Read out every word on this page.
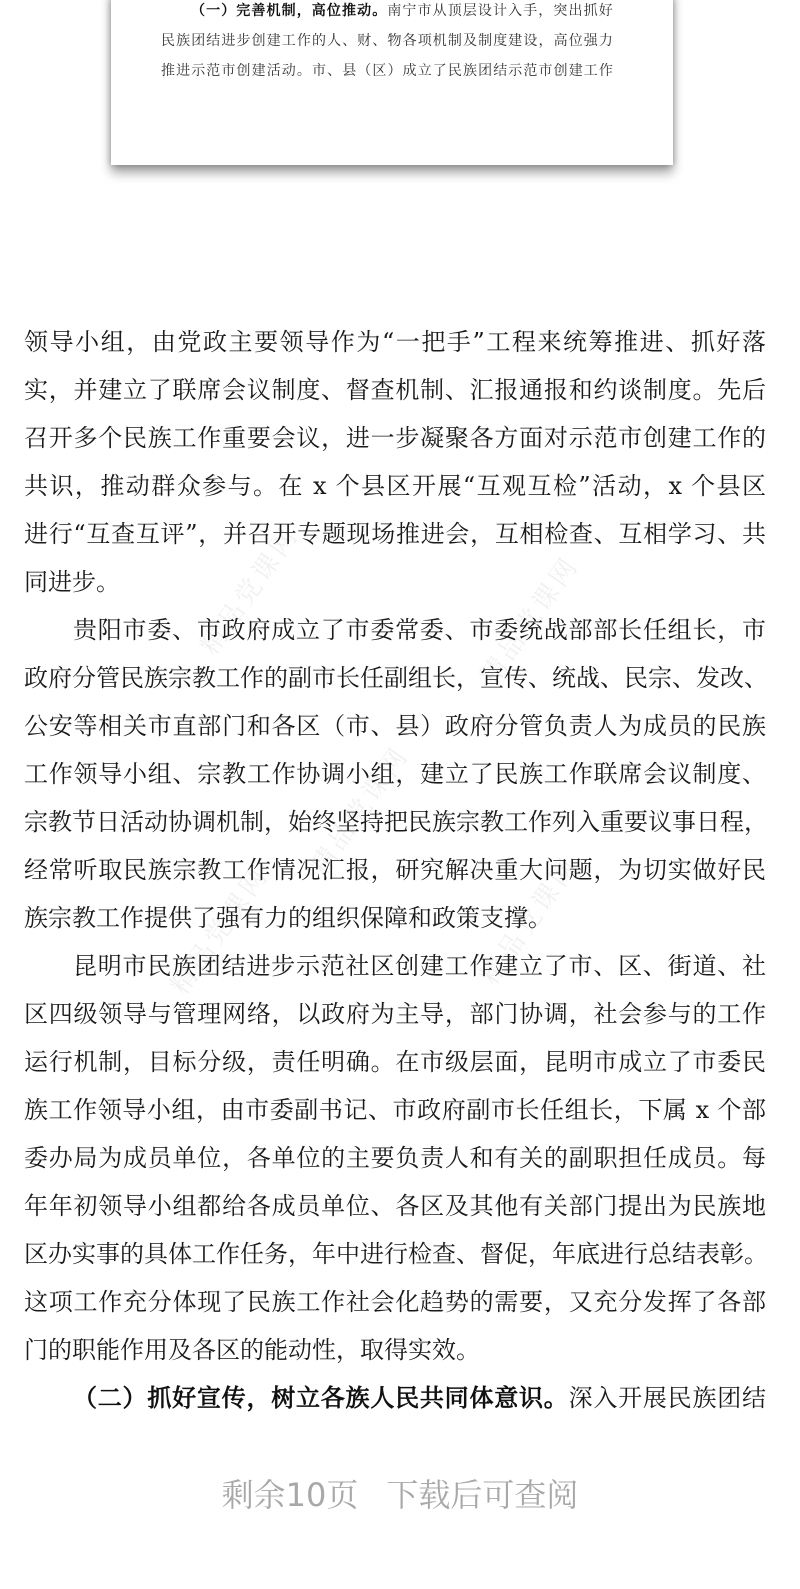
（一）完善机制，高位推动。南宁市从顶层设计入手，突出抓好
民族团结进步创建工作的人、财、物各项机制及制度建设，高位强力
推进示范市创建活动。市、县（区）成立了民族团结示范市创建工作
领导小组，由党政主要领导作为“一把手”工程来统筹推进、抓好落
实，并建立了联席会议制度、督查机制、汇报通报和约谈制度。先后
召开多个民族工作重要会议，进一步凝聚各方面对示范市创建工作的
共识，推动群众参与。在 x 个县区开展“互观互检”活动，x 个县区
进行“互查互评”，并召开专题现场推进会，互相检查、互相学习、共
同进步。
贵阳市委、市政府成立了市委常委、市委统战部部长任组长，市
政府分管民族宗教工作的副市长任副组长，宣传、统战、民宗、发改、
公安等相关市直部门和各区（市、县）政府分管负责人为成员的民族
工作领导小组、宗教工作协调小组，建立了民族工作联席会议制度、
宗教节日活动协调机制，始终坚持把民族宗教工作列入重要议事日程，
经常听取民族宗教工作情况汇报，研究解决重大问题，为切实做好民
族宗教工作提供了强有力的组织保障和政策支撑。
昆明市民族团结进步示范社区创建工作建立了市、区、街道、社
区四级领导与管理网络，以政府为主导，部门协调，社会参与的工作
运行机制，目标分级，责任明确。在市级层面，昆明市成立了市委民
族工作领导小组，由市委副书记、市政府副市长任组长，下属 x 个部
委办局为成员单位，各单位的主要负责人和有关的副职担任成员。每
年年初领导小组都给各成员单位、各区及其他有关部门提出为民族地
区办实事的具体工作任务，年中进行检查、督促，年底进行总结表彰。
这项工作充分体现了民族工作社会化趋势的需要，又充分发挥了各部
门的职能作用及各区的能动性，取得实效。
（二）抓好宣传，树立各族人民共同体意识。深入开展民族团结
精品党课网	精品党课网
精品党课网
精品党课网	精品党课网
剩余10页 下载后可查阅
